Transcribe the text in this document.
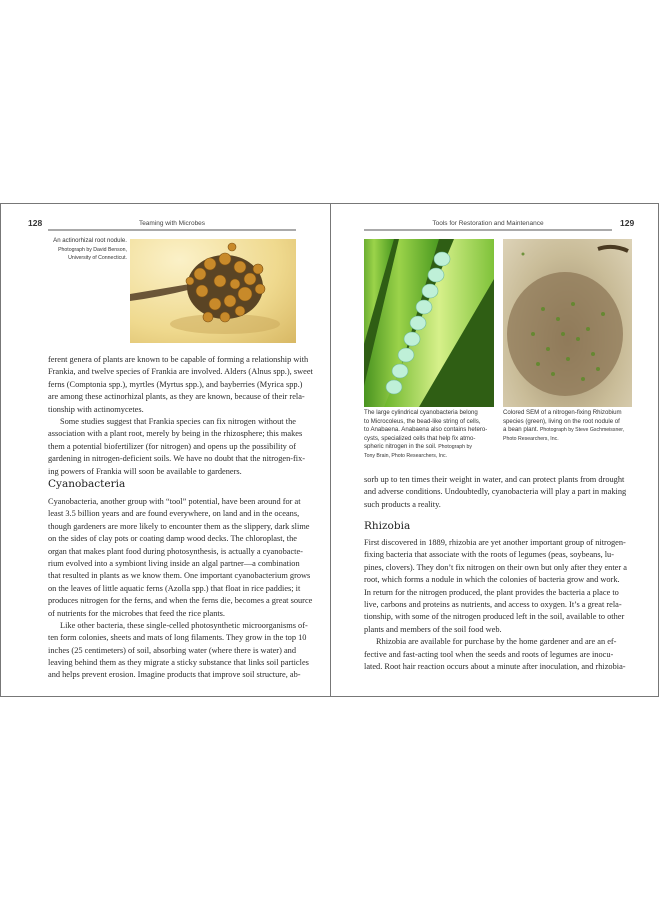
128	Teaming with Microbes
An actinorhizal root nodule.
Photograph by David Benson,
University of Connecticut.
ferent genera of plants are known to be capable of forming a relationship with
Frankia, and twelve species of Frankia are involved. Alders (Alnus spp.), sweet
ferns (Comptonia spp.), myrtles (Myrtus spp.), and bayberries (Myrica spp.)
are among these actinorhizal plants, as they are known, because of their rela-
tionship with actinomycetes.
Some studies suggest that Frankia species can fix nitrogen without the
association with a plant root, merely by being in the rhizosphere; this makes
them a potential biofertilizer (for nitrogen) and opens up the possibility of
gardening in nitrogen-deficient soils. We have no doubt that the nitrogen-fix-
ing powers of Frankia will soon be available to gardeners.
Cyanobacteria
Cyanobacteria, another group with “tool” potential, have been around for at
least 3.5 billion years and are found everywhere, on land and in the oceans,
though gardeners are more likely to encounter them as the slippery, dark slime
on the sides of clay pots or coating damp wood decks. The chloroplast, the
organ that makes plant food during photosynthesis, is actually a cyanobacte-
rium evolved into a symbiont living inside an algal partner—a combination
that resulted in plants as we know them. One important cyanobacterium grows
on the leaves of little aquatic ferns (Azolla spp.) that float in rice paddies; it
produces nitrogen for the ferns, and when the ferns die, becomes a great source
of nutrients for the microbes that feed the rice plants.
Like other bacteria, these single-celled photosynthetic microorganisms of-
ten form colonies, sheets and mats of long filaments. They grow in the top 10
inches (25 centimeters) of soil, absorbing water (where there is water) and
leaving behind them as they migrate a sticky substance that links soil particles
and helps prevent erosion. Imagine products that improve soil structure, ab-
Tools for Restoration and Maintenance	129
The large cylindrical cyanobacteria belong
to Microcoleus, the bead-like string of cells,
to Anabaena. Anabaena also contains hetero-
cysts, specialized cells that help fix atmo-
spheric nitrogen in the soil. Photograph by
Tony Brain, Photo Researchers, Inc.
Colored SEM of a nitrogen-fixing Rhizobium
species (green), living on the root nodule of
a bean plant. Photograph by Steve Gschmeissner,
Photo Researchers, Inc.
sorb up to ten times their weight in water, and can protect plants from drought
and adverse conditions. Undoubtedly, cyanobacteria will play a part in making
such products a reality.
Rhizobia
First discovered in 1889, rhizobia are yet another important group of nitrogen-
fixing bacteria that associate with the roots of legumes (peas, soybeans, lu-
pines, clovers). They don’t fix nitrogen on their own but only after they enter a
root, which forms a nodule in which the colonies of bacteria grow and work.
In return for the nitrogen produced, the plant provides the bacteria a place to
live, carbons and proteins as nutrients, and access to oxygen. It’s a great rela-
tionship, with some of the nitrogen produced left in the soil, available to other
plants and members of the soil food web.
Rhizobia are available for purchase by the home gardener and are an ef-
fective and fast-acting tool when the seeds and roots of legumes are inocu-
lated. Root hair reaction occurs about a minute after inoculation, and rhizobia-
